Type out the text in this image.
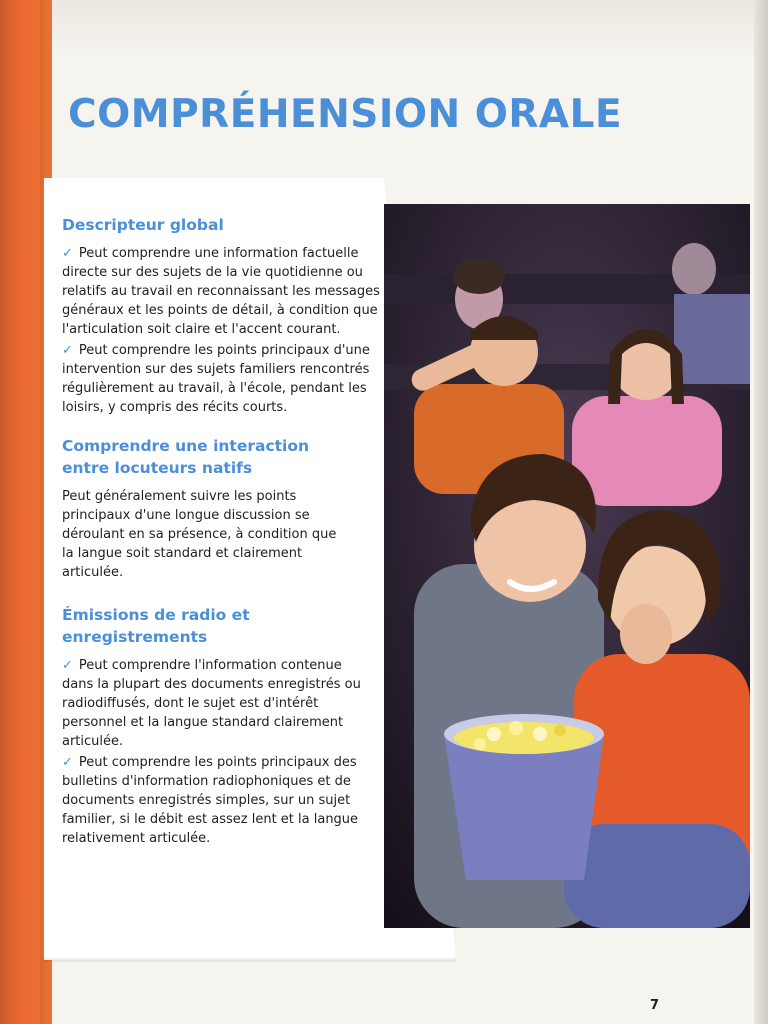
COMPRÉHENSION ORALE
Descripteur global

✓ Peut comprendre une information factuelle directe sur des sujets de la vie quotidienne ou relatifs au travail en reconnaissant les messages généraux et les points de détail, à condition que l'articulation soit claire et l'accent courant.

✓ Peut comprendre les points principaux d'une intervention sur des sujets familiers rencontrés régulièrement au travail, à l'école, pendant les loisirs, y compris des récits courts.

Comprendre une interaction entre locuteurs natifs

Peut généralement suivre les points principaux d'une longue discussion se déroulant en sa présence, à condition que la langue soit standard et clairement articulée.

Émissions de radio et enregistrements

✓ Peut comprendre l'information contenue dans la plupart des documents enregistrés ou radiodiffusés, dont le sujet est d'intérêt personnel et la langue standard clairement articulée.

✓ Peut comprendre les points principaux des bulletins d'information radiophoniques et de documents enregistrés simples, sur un sujet familier, si le débit est assez lent et la langue relativement articulée.

7
